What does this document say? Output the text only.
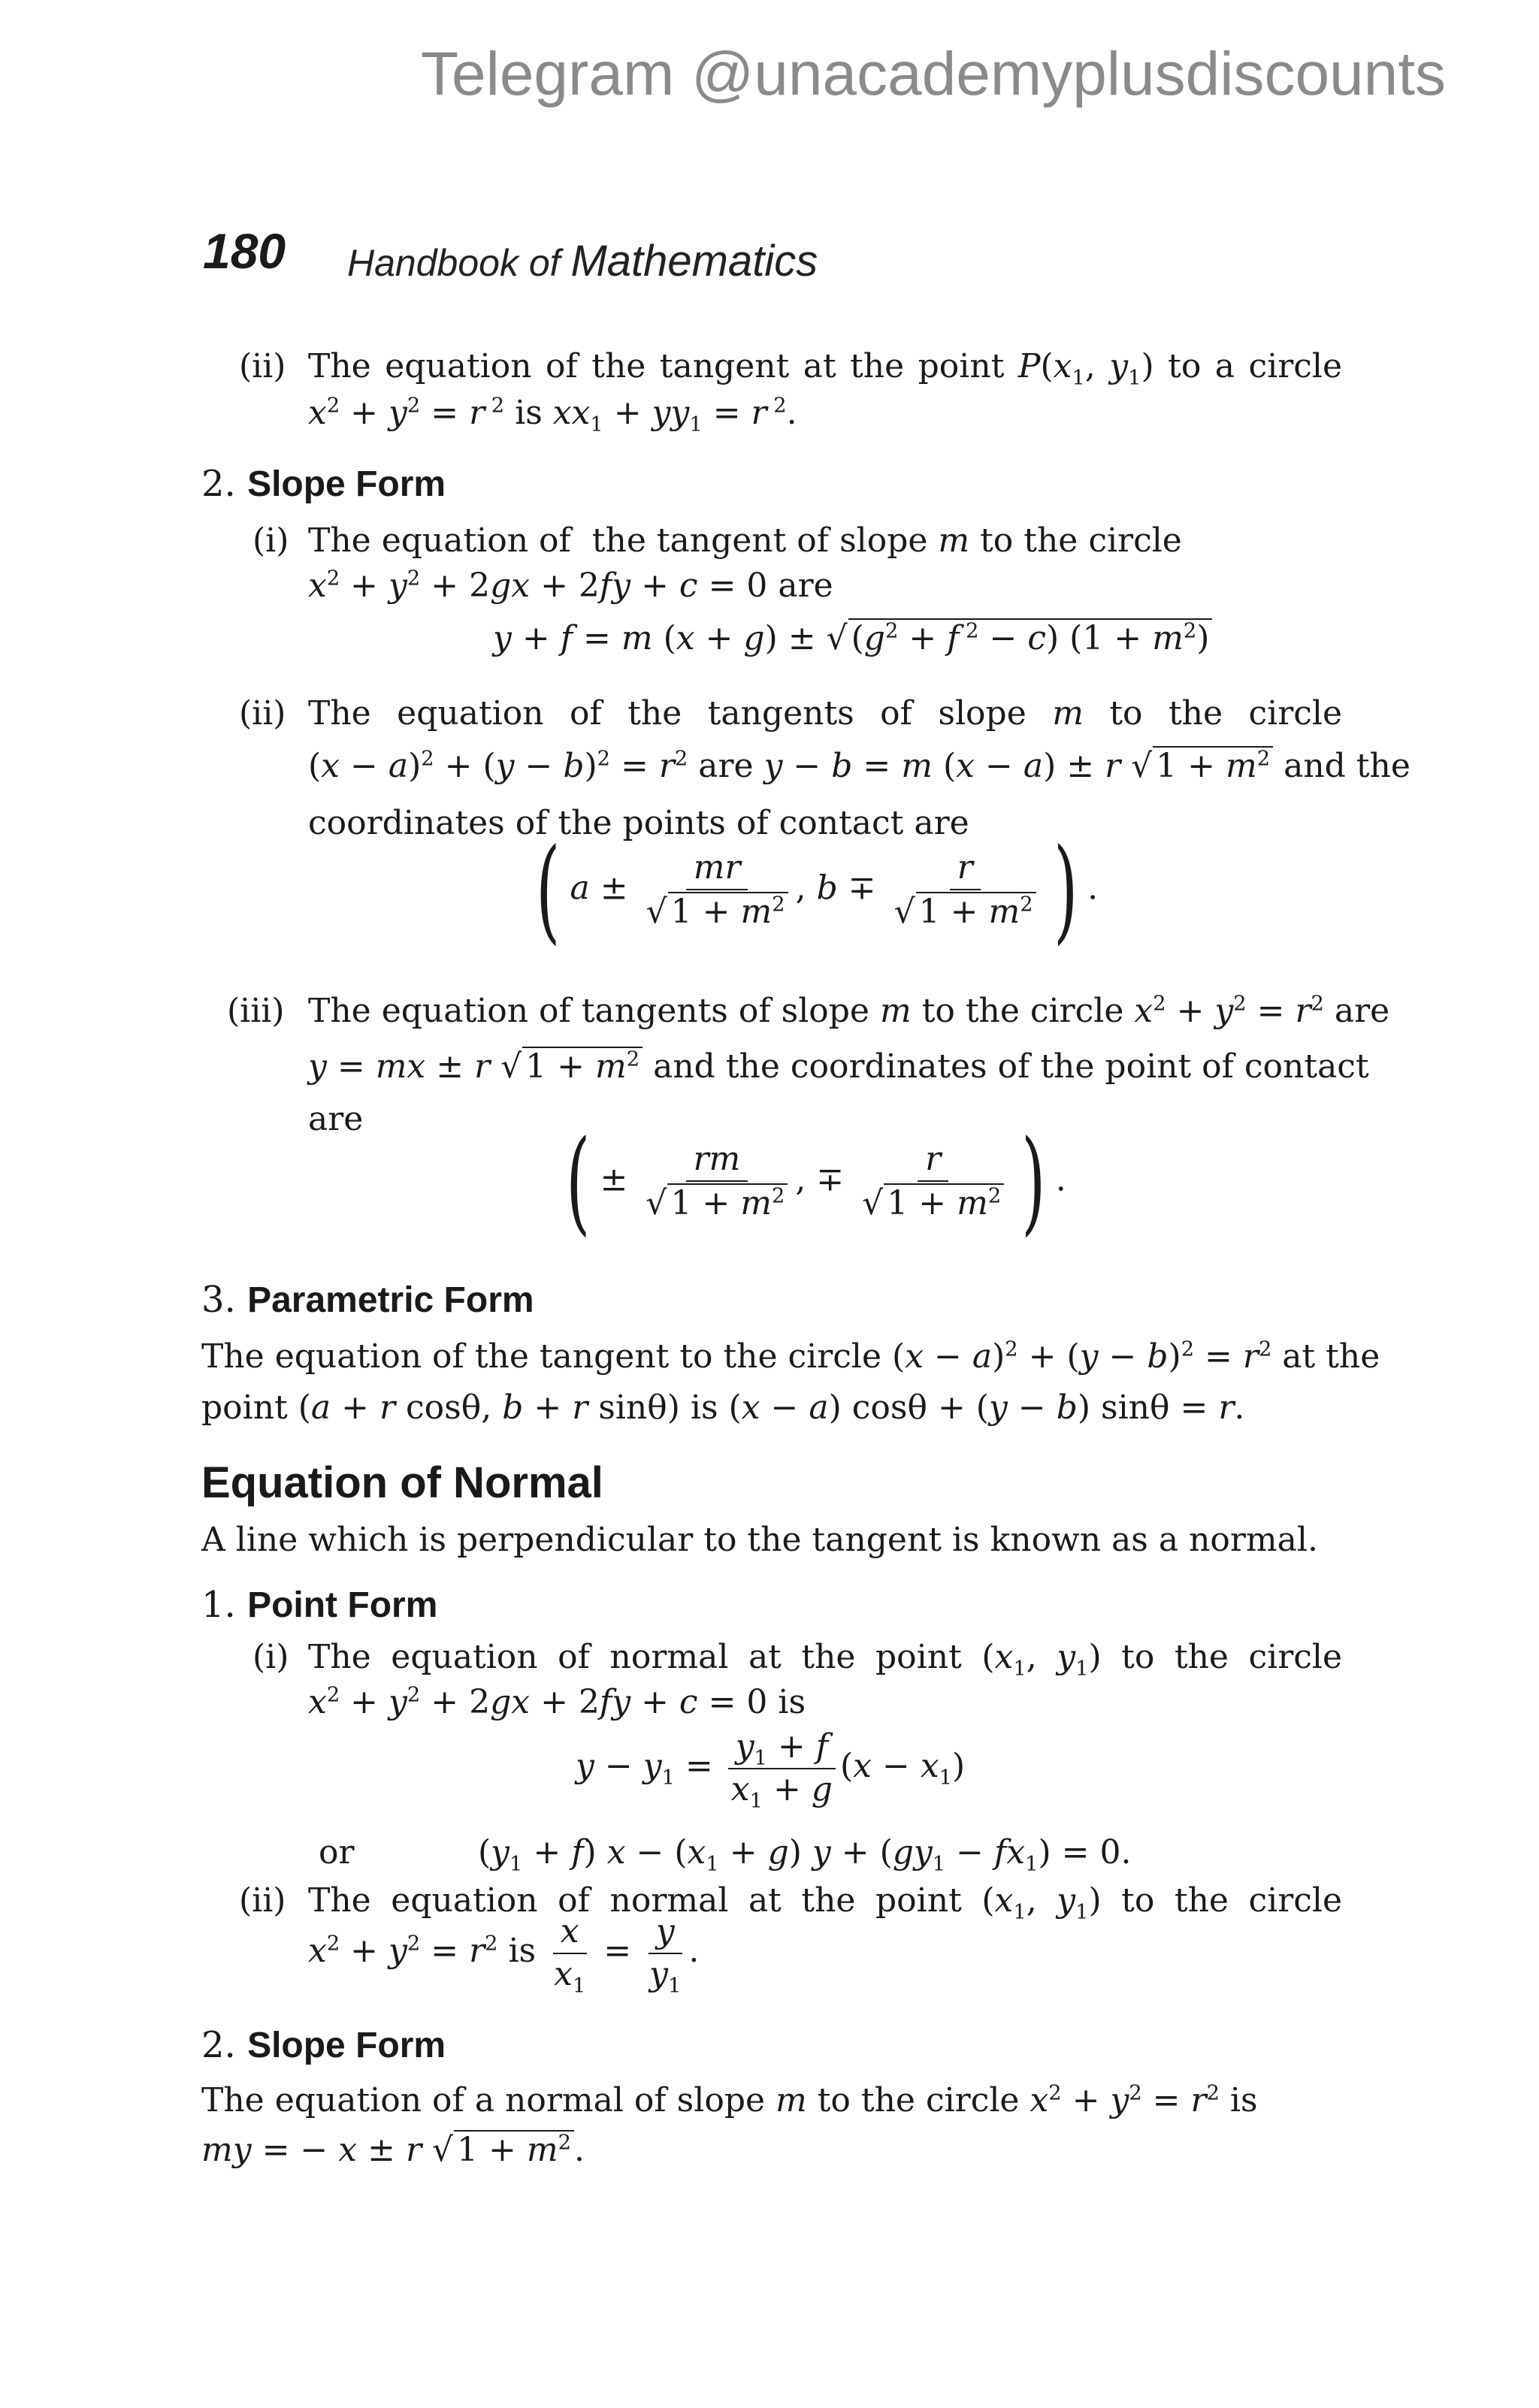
Telegram @unacademyplusdiscounts
180 Handbook of Mathematics
(ii) The equation of the tangent at the point $P(x_1$, $y_1$) to a circle
$x^2 + y^2 = r$ $^2$ is $xx_1 + yy_1 = r$ $^2$.
2. Slope Form
(i) The equation of  the tangent of slope m to the circle
$x^2 + y^2 + 2gx + 2fy + c = 0$ are
y + f = m (x + g) ± √ ($g^2 + f$ $^2$ − c) $(1 + m^2)$
(ii) The equation of the tangents of slope m to the circle
$(x - a)^2 + (y - b)^2 = r^2$ are y − b = m (x − a) ± r √ $1 + m^2$ and the
coordinates of the points of contact are
( $a \pm \frac{mr}{√ 1 + m^2}$ , $b \mp \frac{r}{√ 1 + m^2}$ ) .
(iii) The equation of tangents of slope m to the circle $x^2 + y^2 = r^2$ are
y = mx ± r √ $1 + m^2$ and the coordinates of the point of contact
are ( ± $\frac{rm}{√ 1 + m^2}$ , ∓ $\frac{r}{√ 1 + m^2}$ ) .
3. Parametric Form
The equation of the tangent to the circle $(x - a)^2 + (y - b)^2 = r^2$ at the
point (a + r cosθ, b + r sinθ) is (x − a) cosθ + (y − b) sinθ = r.
Equation of Normal
A line which is perpendicular to the tangent is known as a normal.
1. Point Form
(i) The equation of normal at the point ($x_1$, $y_1$) to the circle
$x^2 + y^2 + 2gx + 2fy + c = 0$ is
$y - y_1 = \frac{y_1 + f}{x_1 + g} (x - x_1)$
or	$(y_1 + f) x - (x_1 + g) y + (gy_1 - fx_1) = 0$.
(ii) The equation of normal at the point ($x_1$, $y_1$) to the circle
$x^2 + y^2 = r^2$ is $\frac{x}{x_1} = \frac{y}{y_1}$ .
2. Slope Form
The equation of a normal of slope m to the circle $x^2 + y^2 = r^2$ is
my = − x ± r √ $1 + m^2$.
